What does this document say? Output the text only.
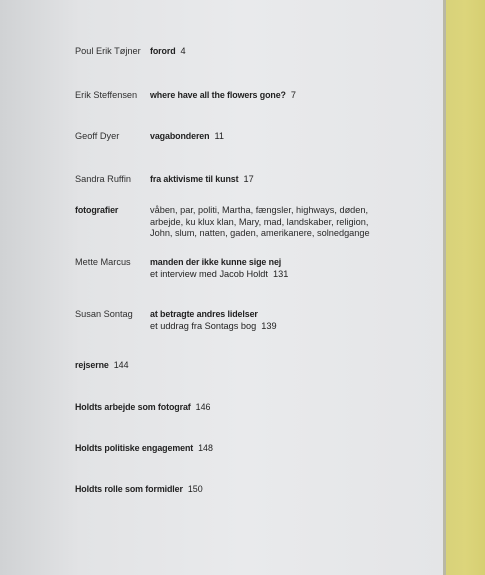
Poul Erik Tøjner forord 4
Erik Steffensen where have all the flowers gone? 7
Geoff Dyer	vagabonderen 11
Sandra Ruffin fra aktivisme til kunst 17
fotografier	våben, par, politi, Martha, fængsler, highways, døden,
arbejde, ku klux klan, Mary, mad, landskaber, religion,
John, slum, natten, gaden, amerikanere, solnedgange
Mette Marcus manden der ikke kunne sige nej
et interview med Jacob Holdt 131
Susan Sontag at betragte andres lidelser
et uddrag fra Sontags bog 139
rejserne 144
Holdts arbejde som fotograf 146
Holdts politiske engagement 148
Holdts rolle som formidler 150
